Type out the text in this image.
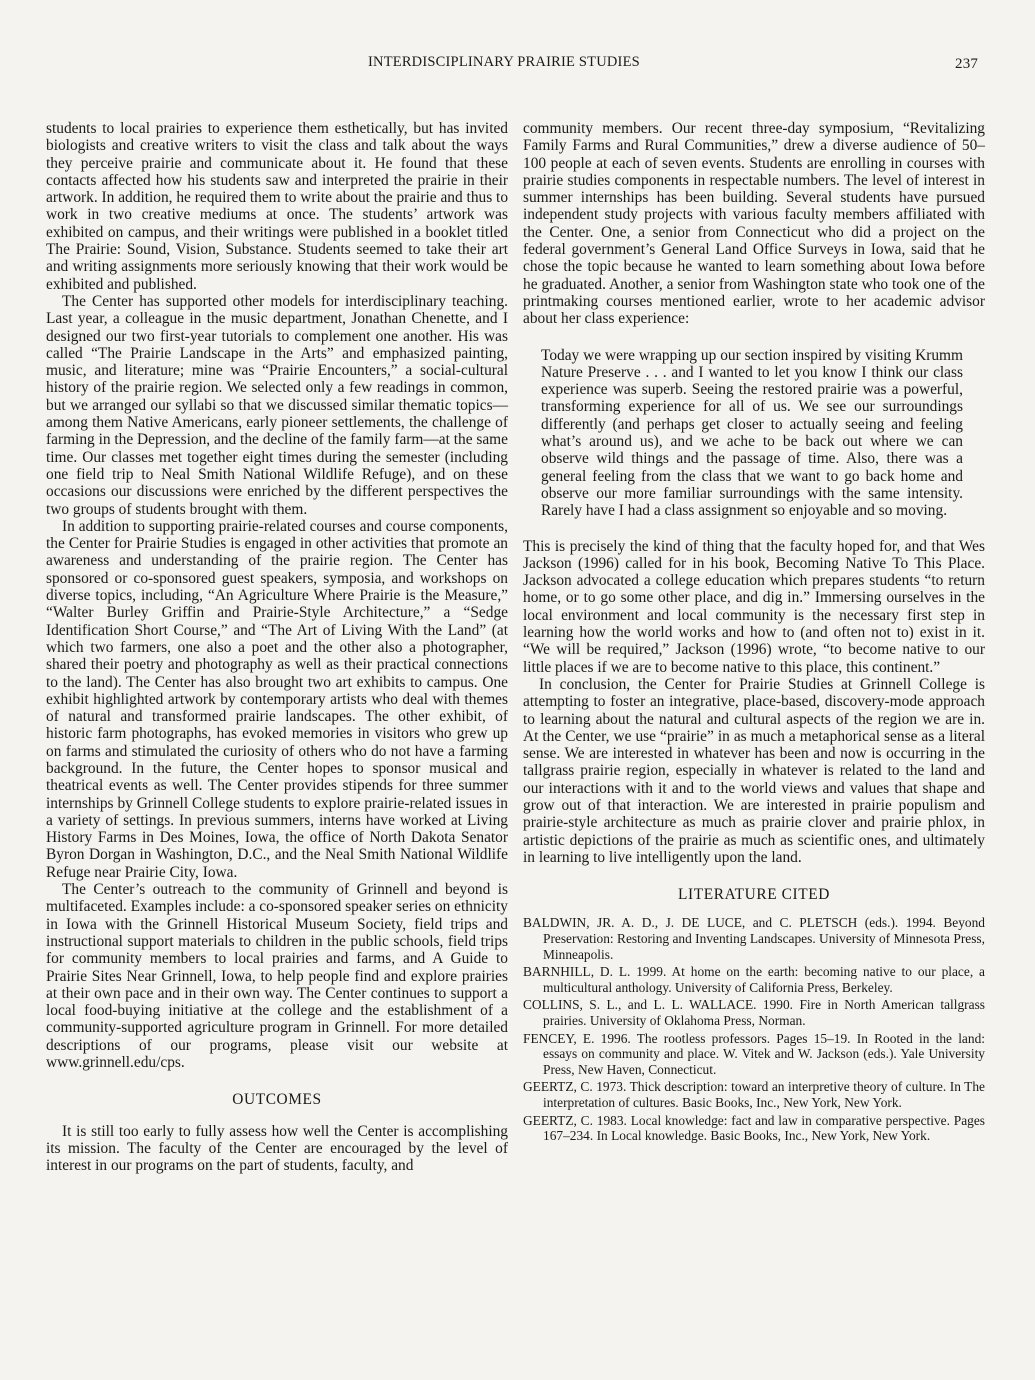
INTERDISCIPLINARY PRAIRIE STUDIES	237

students to local prairies to experience them esthetically, but has invited biologists and creative writers to visit the class and talk about the ways they perceive prairie and communicate about it. He found that these contacts affected how his students saw and interpreted the prairie in their artwork. In addition, he required them to write about the prairie and thus to work in two creative mediums at once. The students’ artwork was exhibited on campus, and their writings were published in a booklet titled The Prairie: Sound, Vision, Substance. Students seemed to take their art and writing assignments more seriously knowing that their work would be exhibited and published.

The Center has supported other models for interdisciplinary teaching. Last year, a colleague in the music department, Jonathan Chenette, and I designed our two first-year tutorials to complement one another. His was called “The Prairie Landscape in the Arts” and emphasized painting, music, and literature; mine was “Prairie Encounters,” a social-cultural history of the prairie region. We selected only a few readings in common, but we arranged our syllabi so that we discussed similar thematic topics—among them Native Americans, early pioneer settlements, the challenge of farming in the Depression, and the decline of the family farm—at the same time. Our classes met together eight times during the semester (including one field trip to Neal Smith National Wildlife Refuge), and on these occasions our discussions were enriched by the different perspectives the two groups of students brought with them.

In addition to supporting prairie-related courses and course components, the Center for Prairie Studies is engaged in other activities that promote an awareness and understanding of the prairie region. The Center has sponsored or co-sponsored guest speakers, symposia, and workshops on diverse topics, including, “An Agriculture Where Prairie is the Measure,” “Walter Burley Griffin and Prairie-Style Architecture,” a “Sedge Identification Short Course,” and “The Art of Living With the Land” (at which two farmers, one also a poet and the other also a photographer, shared their poetry and photography as well as their practical connections to the land). The Center has also brought two art exhibits to campus. One exhibit highlighted artwork by contemporary artists who deal with themes of natural and transformed prairie landscapes. The other exhibit, of historic farm photographs, has evoked memories in visitors who grew up on farms and stimulated the curiosity of others who do not have a farming background. In the future, the Center hopes to sponsor musical and theatrical events as well. The Center provides stipends for three summer internships by Grinnell College students to explore prairie-related issues in a variety of settings. In previous summers, interns have worked at Living History Farms in Des Moines, Iowa, the office of North Dakota Senator Byron Dorgan in Washington, D.C., and the Neal Smith National Wildlife Refuge near Prairie City, Iowa.

The Center’s outreach to the community of Grinnell and beyond is multifaceted. Examples include: a co-sponsored speaker series on ethnicity in Iowa with the Grinnell Historical Museum Society, field trips and instructional support materials to children in the public schools, field trips for community members to local prairies and farms, and A Guide to Prairie Sites Near Grinnell, Iowa, to help people find and explore prairies at their own pace and in their own way. The Center continues to support a local food-buying initiative at the college and the establishment of a community-supported agriculture program in Grinnell. For more detailed descriptions of our programs, please visit our website at www.grinnell.edu/cps.

OUTCOMES

It is still too early to fully assess how well the Center is accomplishing its mission. The faculty of the Center are encouraged by the level of interest in our programs on the part of students, faculty, and

community members. Our recent three-day symposium, “Revitalizing Family Farms and Rural Communities,” drew a diverse audience of 50–100 people at each of seven events. Students are enrolling in courses with prairie studies components in respectable numbers. The level of interest in summer internships has been building. Several students have pursued independent study projects with various faculty members affiliated with the Center. One, a senior from Connecticut who did a project on the federal government’s General Land Office Surveys in Iowa, said that he chose the topic because he wanted to learn something about Iowa before he graduated. Another, a senior from Washington state who took one of the printmaking courses mentioned earlier, wrote to her academic advisor about her class experience:

Today we were wrapping up our section inspired by visiting Krumm Nature Preserve . . . and I wanted to let you know I think our class experience was superb. Seeing the restored prairie was a powerful, transforming experience for all of us. We see our surroundings differently (and perhaps get closer to actually seeing and feeling what’s around us), and we ache to be back out where we can observe wild things and the passage of time. Also, there was a general feeling from the class that we want to go back home and observe our more familiar surroundings with the same intensity. Rarely have I had a class assignment so enjoyable and so moving.

This is precisely the kind of thing that the faculty hoped for, and that Wes Jackson (1996) called for in his book, Becoming Native To This Place. Jackson advocated a college education which prepares students “to return home, or to go some other place, and dig in.” Immersing ourselves in the local environment and local community is the necessary first step in learning how the world works and how to (and often not to) exist in it. “We will be required,” Jackson (1996) wrote, “to become native to our little places if we are to become native to this place, this continent.”

In conclusion, the Center for Prairie Studies at Grinnell College is attempting to foster an integrative, place-based, discovery-mode approach to learning about the natural and cultural aspects of the region we are in. At the Center, we use “prairie” in as much a metaphorical sense as a literal sense. We are interested in whatever has been and now is occurring in the tallgrass prairie region, especially in whatever is related to the land and our interactions with it and to the world views and values that shape and grow out of that interaction. We are interested in prairie populism and prairie-style architecture as much as prairie clover and prairie phlox, in artistic depictions of the prairie as much as scientific ones, and ultimately in learning to live intelligently upon the land.

LITERATURE CITED

BALDWIN, JR. A. D., J. DE LUCE, and C. PLETSCH (eds.). 1994. Beyond Preservation: Restoring and Inventing Landscapes. University of Minnesota Press, Minneapolis.

BARNHILL, D. L. 1999. At home on the earth: becoming native to our place, a multicultural anthology. University of California Press, Berkeley.

COLLINS, S. L., and L. L. WALLACE. 1990. Fire in North American tallgrass prairies. University of Oklahoma Press, Norman.

FENCEY, E. 1996. The rootless professors. Pages 15–19. In Rooted in the land: essays on community and place. W. Vitek and W. Jackson (eds.). Yale University Press, New Haven, Connecticut.

GEERTZ, C. 1973. Thick description: toward an interpretive theory of culture. In The interpretation of cultures. Basic Books, Inc., New York, New York.

GEERTZ, C. 1983. Local knowledge: fact and law in comparative perspective. Pages 167–234. In Local knowledge. Basic Books, Inc., New York, New York.
